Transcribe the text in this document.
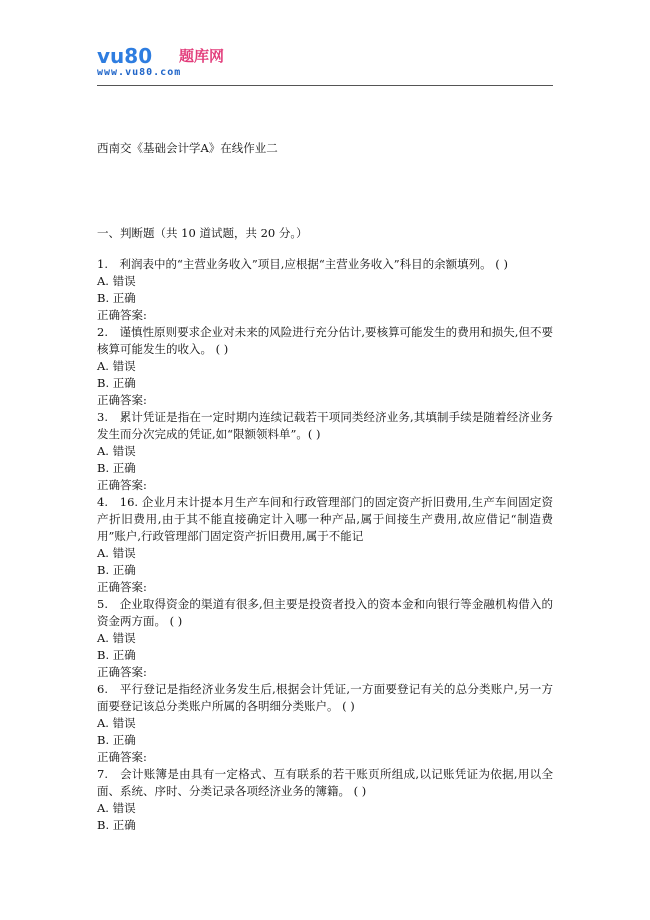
vu80 题库网
www.vu80.com
西南交《基础会计学A》在线作业二
一、判断题（共 10 道试题，共 20 分。）

1.　利润表中的“主营业务收入”项目,应根据“主营业务收入”科目的余额填列。 ( )

A. 错误

B. 正确

正确答案:

2.　谨慎性原则要求企业对未来的风险进行充分估计,要核算可能发生的费用和损失,但不要核算可能发生的收入。 ( )

A. 错误

B. 正确

正确答案:

3.　累计凭证是指在一定时期内连续记载若干项同类经济业务,其填制手续是随着经济业务发生而分次完成的凭证,如“限额领料单”。( )

A. 错误

B. 正确

正确答案:

4.　16. 企业月末计提本月生产车间和行政管理部门的固定资产折旧费用,生产车间固定资产折旧费用,由于其不能直接确定计入哪一种产品,属于间接生产费用,故应借记“制造费用”账户,行政管理部门固定资产折旧费用,属于不能记

A. 错误

B. 正确

正确答案:

5.　企业取得资金的渠道有很多,但主要是投资者投入的资本金和向银行等金融机构借入的资金两方面。 ( )

A. 错误

B. 正确

正确答案:

6.　平行登记是指经济业务发生后,根据会计凭证,一方面要登记有关的总分类账户,另一方面要登记该总分类账户所属的各明细分类账户。 ( )

A. 错误

B. 正确

正确答案:

7.　会计账簿是由具有一定格式、互有联系的若干账页所组成,以记账凭证为依据,用以全面、系统、序时、分类记录各项经济业务的簿籍。 ( )

A. 错误

B. 正确
